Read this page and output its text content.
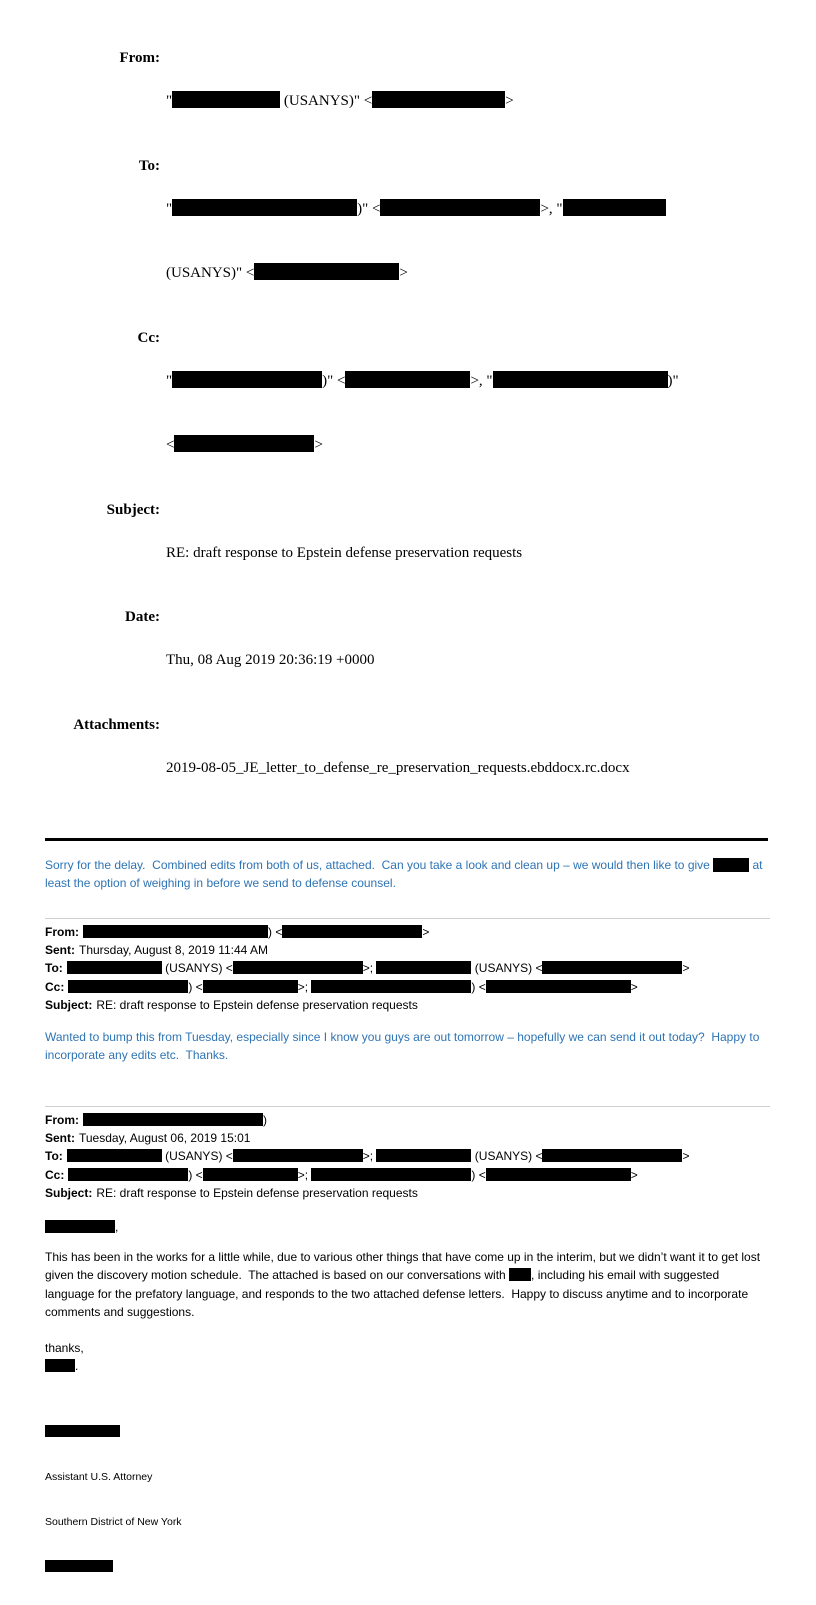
From:

"	(USANYS)" <	>

To:

"	)" <	>, "

(USANYS)" <	>

Cc:

"	)" <	>, "	)"

<	>

Subject:

RE: draft response to Epstein defense preservation requests

Date:

Thu, 08 Aug 2019 20:36:19 +0000

Attachments:

2019-08-05_JE_letter_to_defense_re_preservation_requests.ebddocx.rc.docx

Sorry for the delay.  Combined edits from both of us, attached.  Can you take a look and clean up – we would then like to give	at least the option of weighing in before we send to defense counsel.
From:	) <	>
Sent: Thursday, August 8, 2019 11:44 AM
To:	(USANYS) <	>;	(USANYS) <	>
Cc:	) <	>;	) <	>
Subject: RE: draft response to Epstein defense preservation requests
Wanted to bump this from Tuesday, especially since I know you guys are out tomorrow – hopefully we can send it out today?  Happy to incorporate any edits etc.  Thanks.
From:	)
Sent: Tuesday, August 06, 2019 15:01
To:	(USANYS) <	>;	(USANYS) <	>
Cc:	) <	>;	) <	>
Subject: RE: draft response to Epstein defense preservation requests
,
This has been in the works for a little while, due to various other things that have come up in the interim, but we didn’t want it to get lost given the discovery motion schedule.  The attached is based on our conversations with , including his email with suggested language for the prefatory language, and responds to the two attached defense letters.  Happy to discuss anytime and to incorporate comments and suggestions.
thanks,
.

Assistant U.S. Attorney

Southern District of New York
